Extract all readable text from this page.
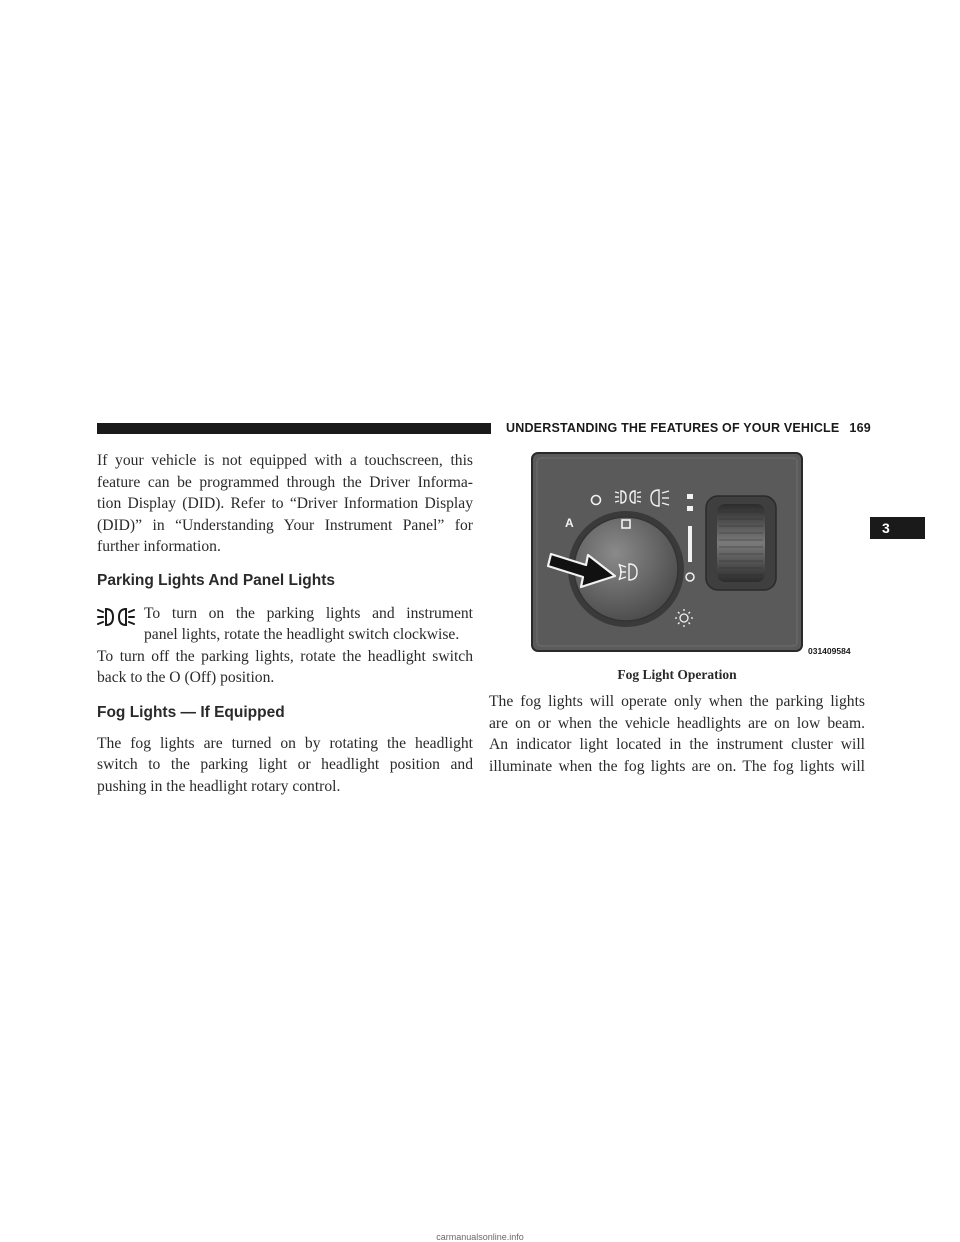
UNDERSTANDING THE FEATURES OF YOUR VEHICLE 169
3

If your vehicle is not equipped with a touchscreen, this
feature can be programmed through the Driver Informa-
tion Display (DID). Refer to “Driver Information Display
(DID)” in “Understanding Your Instrument Panel” for
further information.

Parking Lights And Panel Lights

To turn on the parking lights and instrument
panel lights, rotate the headlight switch clockwise.

To turn off the parking lights, rotate the headlight switch
back to the O (Off) position.

Fog Lights — If Equipped

The fog lights are turned on by rotating the headlight
switch to the parking light or headlight position and
pushing in the headlight rotary control.

A
031409584
Fog Light Operation

The fog lights will operate only when the parking lights
are on or when the vehicle headlights are on low beam.
An indicator light located in the instrument cluster will
illuminate when the fog lights are on. The fog lights will

carmanualsonline.info
